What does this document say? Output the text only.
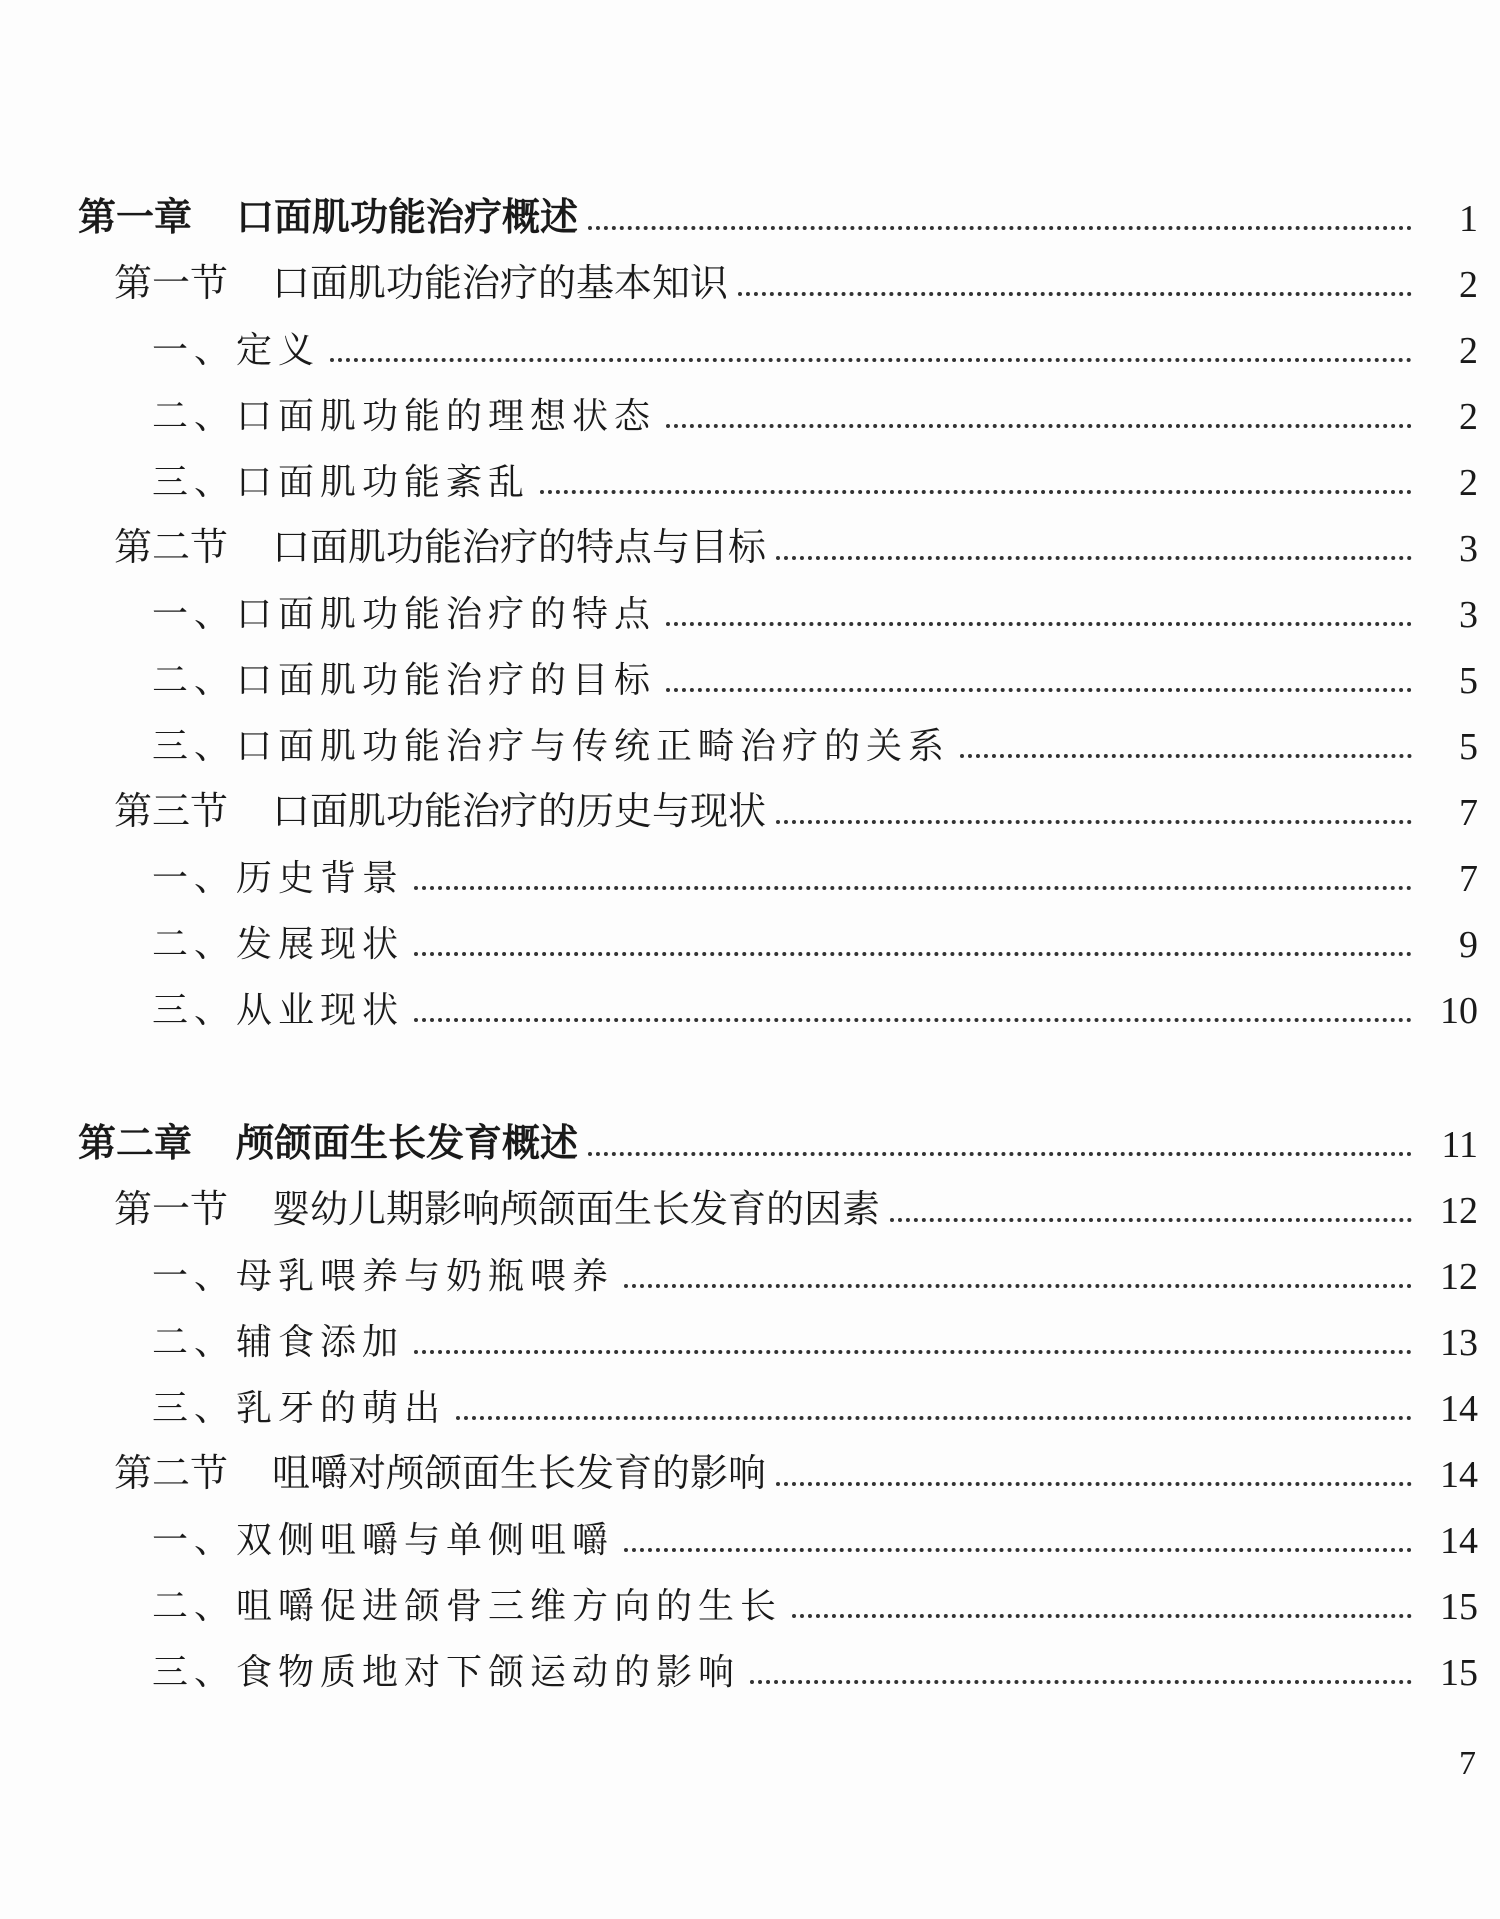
第一章 口面肌功能治疗概述	1
第一节 口面肌功能治疗的基本知识	2
一、定义	2
二、口面肌功能的理想状态	2
三、口面肌功能紊乱	2
第二节 口面肌功能治疗的特点与目标	3
一、口面肌功能治疗的特点	3
二、口面肌功能治疗的目标	5
三、口面肌功能治疗与传统正畸治疗的关系	5
第三节 口面肌功能治疗的历史与现状	7
一、历史背景	7
二、发展现状	9
三、从业现状	10
第二章 颅颌面生长发育概述	11
第一节 婴幼儿期影响颅颌面生长发育的因素	12
一、母乳喂养与奶瓶喂养	12
二、辅食添加	13
三、乳牙的萌出	14
第二节 咀嚼对颅颌面生长发育的影响	14
一、双侧咀嚼与单侧咀嚼	14
二、咀嚼促进颌骨三维方向的生长	15
三、食物质地对下颌运动的影响	15
7
